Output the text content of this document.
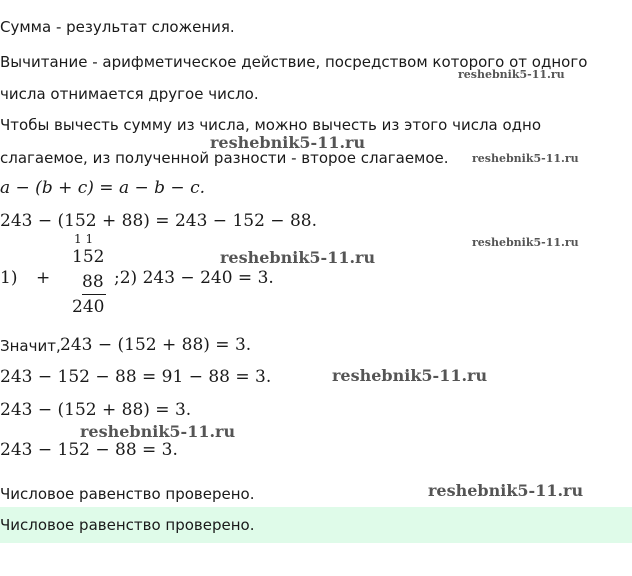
Сумма - результат сложения.
Вычитание - арифметическое действие, посредством которого от одного
reshebnik5-11.ru
числа отнимается другое число.
Чтобы вычесть сумму из числа, можно вычесть из этого числа одно
reshebnik5-11.ru
слагаемое, из полученной разности - второе слагаемое. reshebnik5-11.ru
a − (b + c) = a − b − c.
243 − (152 + 88) = 243 − 152 − 88.
1 1
152
reshebnik5-11.ru
reshebnik5-11.ru
1) + 88 ;2) 243 − 240 = 3.
240
Значит, 243 − (152 + 88) = 3.
243 − 152 − 88 = 91 − 88 = 3.	reshebnik5-11.ru
243 − (152 + 88) = 3.
reshebnik5-11.ru
243 − 152 − 88 = 3.
Числовое равенство проверено.	reshebnik5-11.ru
Числовое равенство проверено.
